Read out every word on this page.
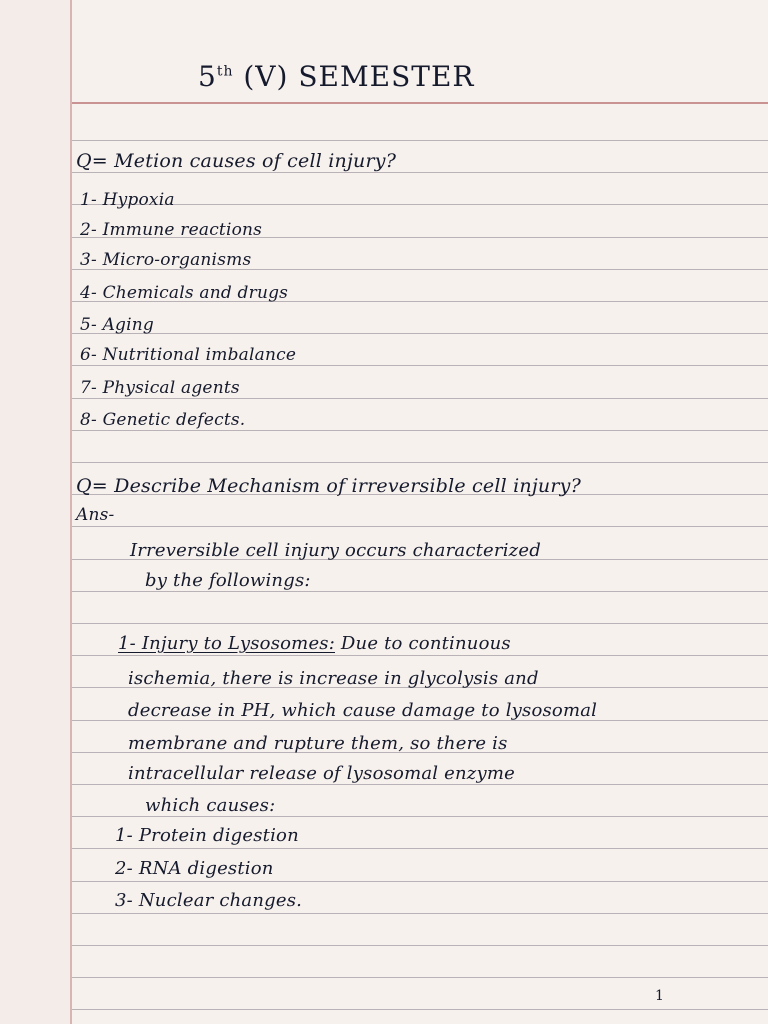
5th (V) SEMESTER
Q= Metion causes of cell injury?
1- Hypoxia
2- Immune reactions
3- Micro-organisms
4- Chemicals and drugs
5- Aging
6- Nutritional imbalance
7- Physical agents
8- Genetic defects.
Q= Describe Mechanism of irreversible cell injury?
Ans-
Irreversible cell injury occurs characterized
by the followings:
1- Injury to Lysosomes: Due to continuous
ischemia, there is increase in glycolysis and
decrease in PH, which cause damage to lysosomal
membrane and rupture them, so there is
intracellular release of lysosomal enzyme
which causes:
1- Protein digestion
2- RNA digestion
3- Nuclear changes.
1
